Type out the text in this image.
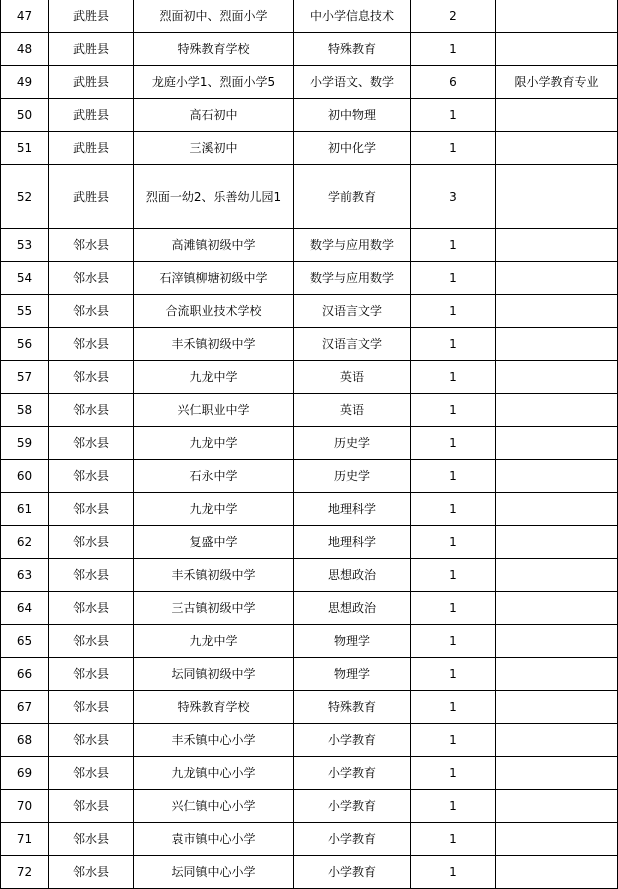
47	武胜县	烈面初中、烈面小学	中小学信息技术	2	
48	武胜县	特殊教育学校	特殊教育	1	
49	武胜县	龙庭小学1、烈面小学5	小学语文、数学	6	限小学教育专业
50	武胜县	高石初中	初中物理	1	
51	武胜县	三溪初中	初中化学	1	
52	武胜县	烈面一幼2、乐善幼儿园1	学前教育	3	
53	邻水县	高滩镇初级中学	数学与应用数学	1	
54	邻水县	石滓镇柳塘初级中学	数学与应用数学	1	
55	邻水县	合流职业技术学校	汉语言文学	1	
56	邻水县	丰禾镇初级中学	汉语言文学	1	
57	邻水县	九龙中学	英语	1	
58	邻水县	兴仁职业中学	英语	1	
59	邻水县	九龙中学	历史学	1	
60	邻水县	石永中学	历史学	1	
61	邻水县	九龙中学	地理科学	1	
62	邻水县	复盛中学	地理科学	1	
63	邻水县	丰禾镇初级中学	思想政治	1	
64	邻水县	三古镇初级中学	思想政治	1	
65	邻水县	九龙中学	物理学	1	
66	邻水县	坛同镇初级中学	物理学	1	
67	邻水县	特殊教育学校	特殊教育	1	
68	邻水县	丰禾镇中心小学	小学教育	1	
69	邻水县	九龙镇中心小学	小学教育	1	
70	邻水县	兴仁镇中心小学	小学教育	1	
71	邻水县	袁市镇中心小学	小学教育	1	
72	邻水县	坛同镇中心小学	小学教育	1	
